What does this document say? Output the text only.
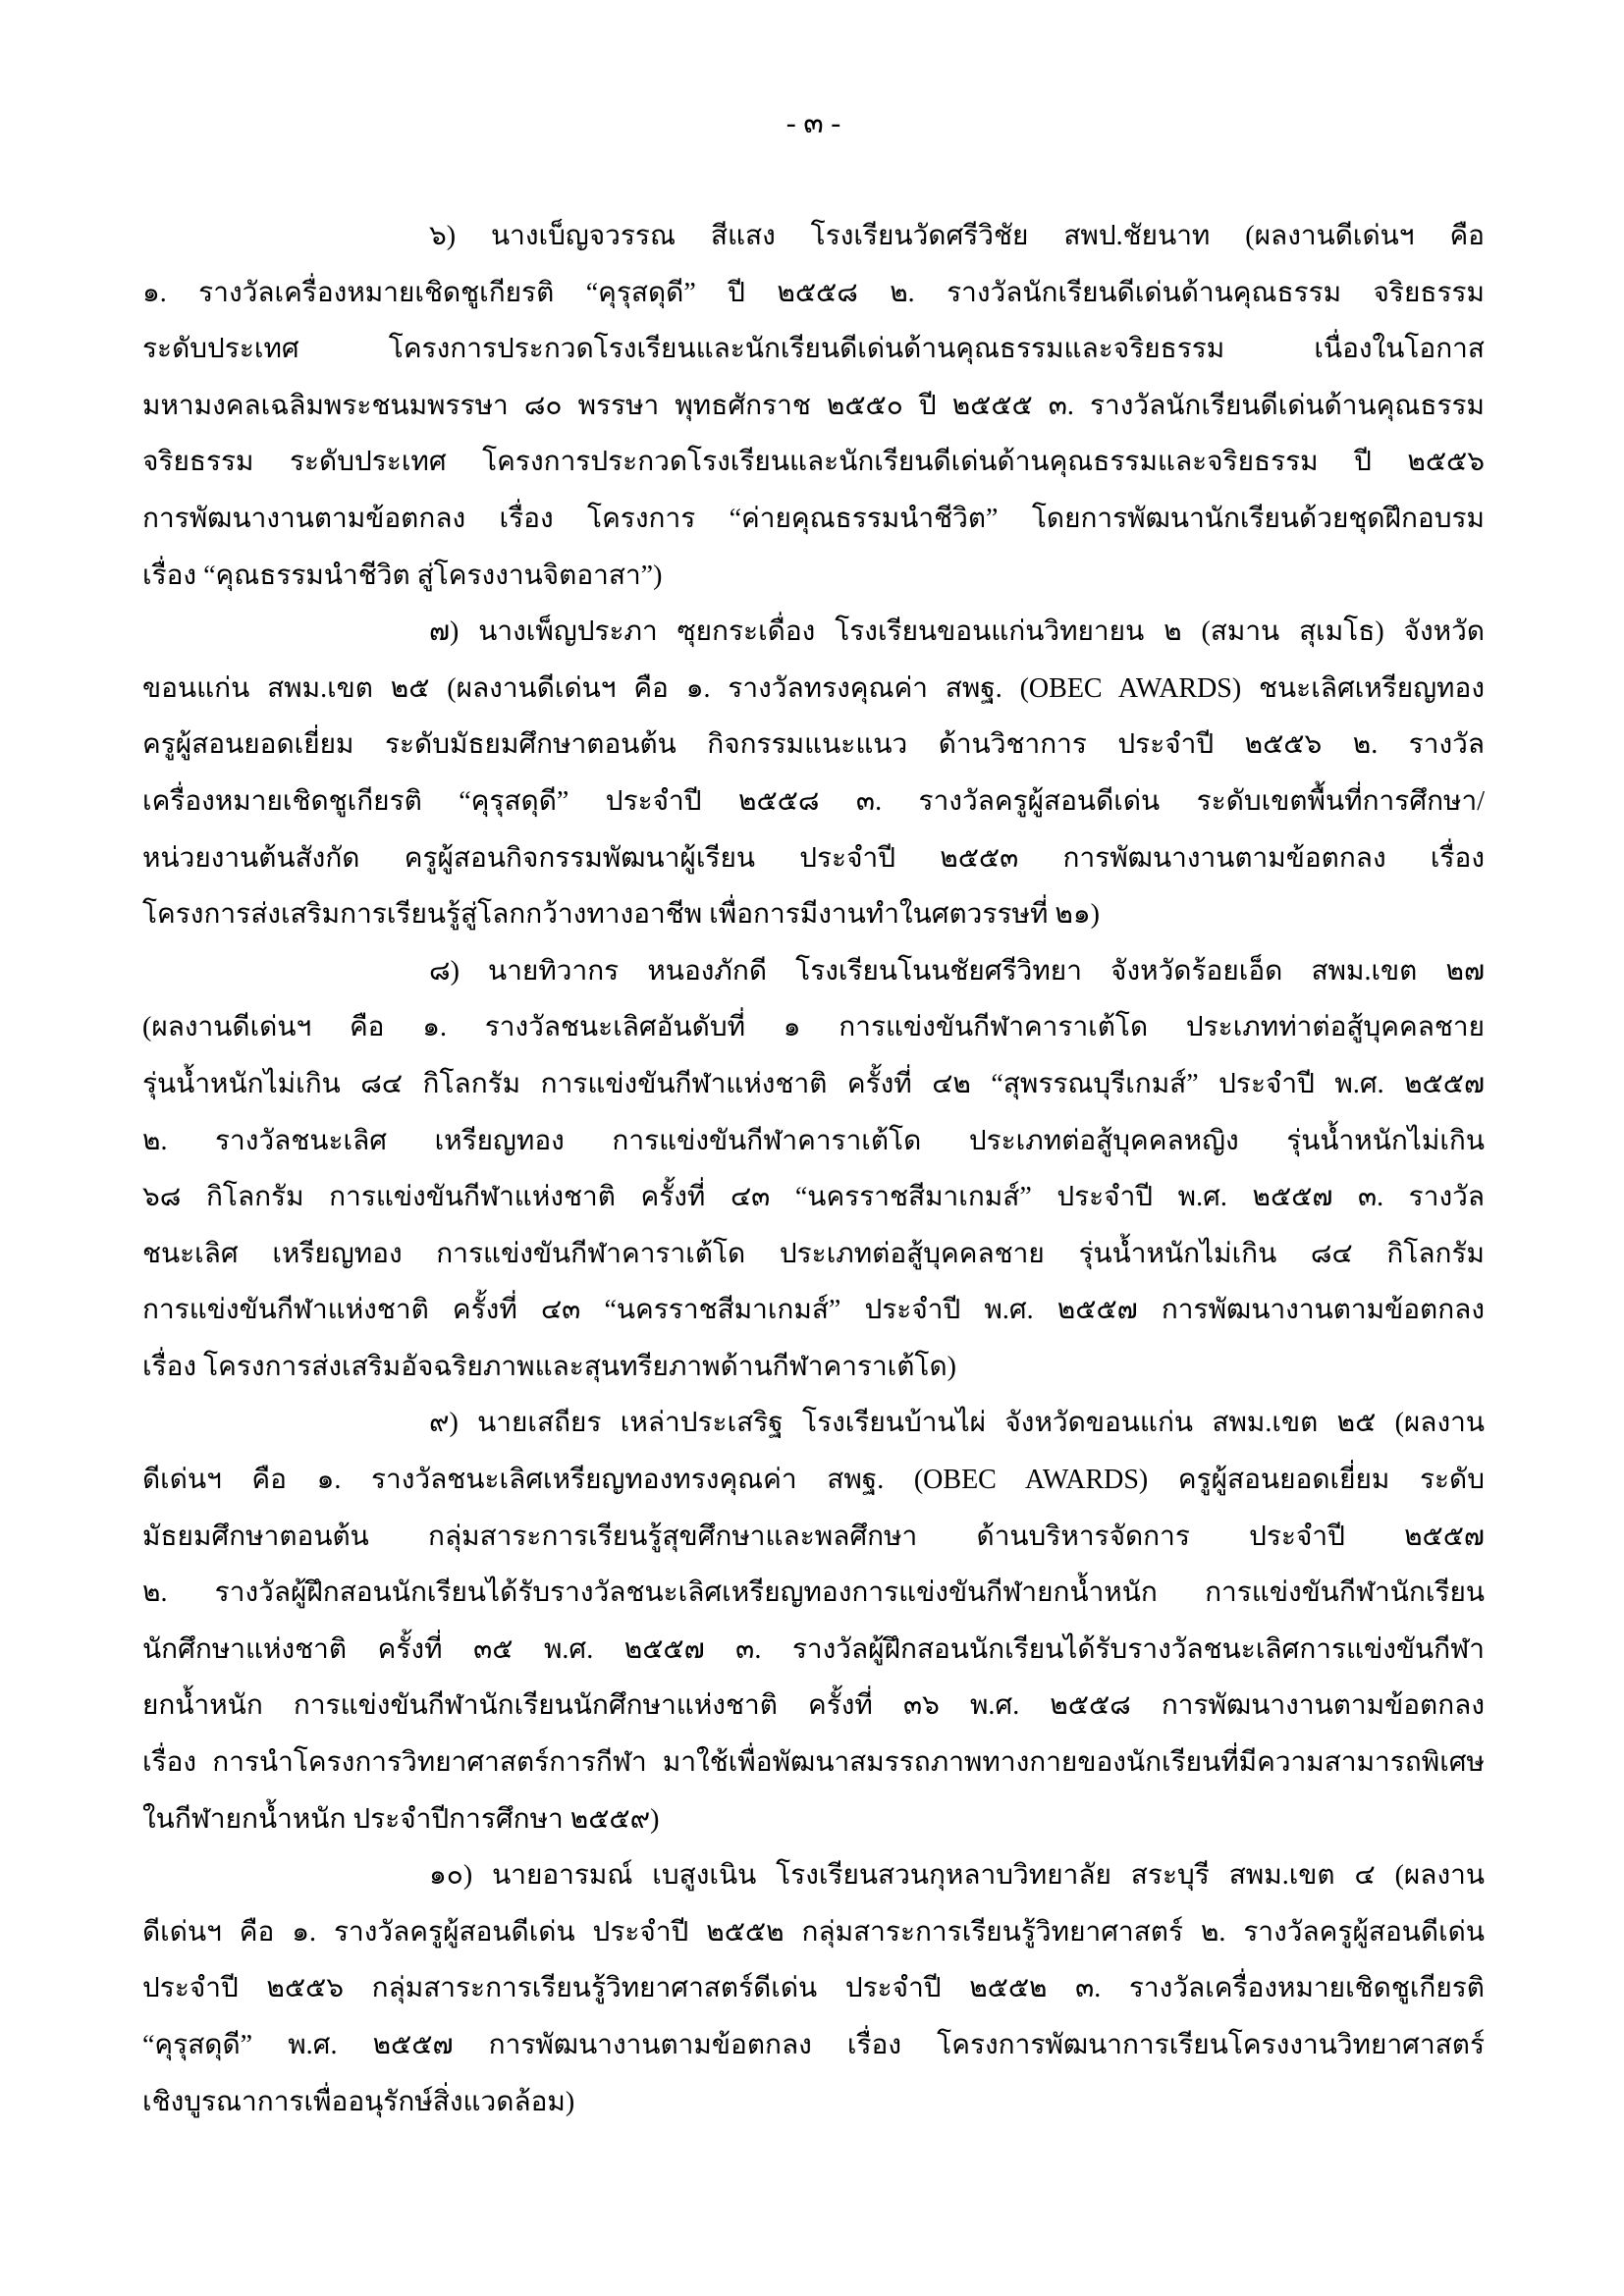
- ๓ -
๖) นางเบ็ญจวรรณ สีแสง โรงเรียนวัดศรีวิชัย สพป.ชัยนาท (ผลงานดีเด่นฯ คือ
๑. รางวัลเครื่องหมายเชิดชูเกียรติ “คุรุสดุดี” ปี ๒๕๕๘ ๒. รางวัลนักเรียนดีเด่นด้านคุณธรรม จริยธรรม
ระดับประเทศ โครงการประกวดโรงเรียนและนักเรียนดีเด่นด้านคุณธรรมและจริยธรรม เนื่องในโอกาส
มหามงคลเฉลิมพระชนมพรรษา ๘๐ พรรษา พุทธศักราช ๒๕๕๐ ปี ๒๕๕๕ ๓. รางวัลนักเรียนดีเด่นด้านคุณธรรม
จริยธรรม ระดับประเทศ โครงการประกวดโรงเรียนและนักเรียนดีเด่นด้านคุณธรรมและจริยธรรม ปี ๒๕๕๖
การพัฒนางานตามข้อตกลง เรื่อง โครงการ “ค่ายคุณธรรมนำชีวิต” โดยการพัฒนานักเรียนด้วยชุดฝึกอบรม
เรื่อง “คุณธรรมนำชีวิต สู่โครงงานจิตอาสา”)
๗) นางเพ็ญประภา ซุยกระเดื่อง โรงเรียนขอนแก่นวิทยายน ๒ (สมาน สุเมโธ) จังหวัด
ขอนแก่น สพม.เขต ๒๕ (ผลงานดีเด่นฯ คือ ๑. รางวัลทรงคุณค่า สพฐ. (OBEC AWARDS) ชนะเลิศเหรียญทอง
ครูผู้สอนยอดเยี่ยม ระดับมัธยมศึกษาตอนต้น กิจกรรมแนะแนว ด้านวิชาการ ประจำปี ๒๕๕๖ ๒. รางวัล
เครื่องหมายเชิดชูเกียรติ “คุรุสดุดี” ประจำปี ๒๕๕๘ ๓. รางวัลครูผู้สอนดีเด่น ระดับเขตพื้นที่การศึกษา/
หน่วยงานต้นสังกัด ครูผู้สอนกิจกรรมพัฒนาผู้เรียน ประจำปี ๒๕๕๓ การพัฒนางานตามข้อตกลง เรื่อง
โครงการส่งเสริมการเรียนรู้สู่โลกกว้างทางอาชีพ เพื่อการมีงานทำในศตวรรษที่ ๒๑)
๘) นายทิวากร หนองภักดี โรงเรียนโนนชัยศรีวิทยา จังหวัดร้อยเอ็ด สพม.เขต ๒๗
(ผลงานดีเด่นฯ คือ ๑. รางวัลชนะเลิศอันดับที่ ๑ การแข่งขันกีฬาคาราเต้โด ประเภทท่าต่อสู้บุคคลชาย
รุ่นน้ำหนักไม่เกิน ๘๔ กิโลกรัม การแข่งขันกีฬาแห่งชาติ ครั้งที่ ๔๒ “สุพรรณบุรีเกมส์” ประจำปี พ.ศ. ๒๕๕๗
๒. รางวัลชนะเลิศ เหรียญทอง การแข่งขันกีฬาคาราเต้โด ประเภทต่อสู้บุคคลหญิง รุ่นน้ำหนักไม่เกิน
๖๘ กิโลกรัม การแข่งขันกีฬาแห่งชาติ ครั้งที่ ๔๓ “นครราชสีมาเกมส์” ประจำปี พ.ศ. ๒๕๕๗ ๓. รางวัล
ชนะเลิศ เหรียญทอง การแข่งขันกีฬาคาราเต้โด ประเภทต่อสู้บุคคลชาย รุ่นน้ำหนักไม่เกิน ๘๔ กิโลกรัม
การแข่งขันกีฬาแห่งชาติ ครั้งที่ ๔๓ “นครราชสีมาเกมส์” ประจำปี พ.ศ. ๒๕๕๗ การพัฒนางานตามข้อตกลง
เรื่อง โครงการส่งเสริมอัจฉริยภาพและสุนทรียภาพด้านกีฬาคาราเต้โด)
๙) นายเสถียร เหล่าประเสริฐ โรงเรียนบ้านไผ่ จังหวัดขอนแก่น สพม.เขต ๒๕ (ผลงาน
ดีเด่นฯ คือ ๑. รางวัลชนะเลิศเหรียญทองทรงคุณค่า สพฐ. (OBEC AWARDS) ครูผู้สอนยอดเยี่ยม ระดับ
มัธยมศึกษาตอนต้น กลุ่มสาระการเรียนรู้สุขศึกษาและพลศึกษา ด้านบริหารจัดการ ประจำปี ๒๕๕๗
๒. รางวัลผู้ฝึกสอนนักเรียนได้รับรางวัลชนะเลิศเหรียญทองการแข่งขันกีฬายกน้ำหนัก การแข่งขันกีฬานักเรียน
นักศึกษาแห่งชาติ ครั้งที่ ๓๕ พ.ศ. ๒๕๕๗ ๓. รางวัลผู้ฝึกสอนนักเรียนได้รับรางวัลชนะเลิศการแข่งขันกีฬา
ยกน้ำหนัก การแข่งขันกีฬานักเรียนนักศึกษาแห่งชาติ ครั้งที่ ๓๖ พ.ศ. ๒๕๕๘ การพัฒนางานตามข้อตกลง
เรื่อง การนำโครงการวิทยาศาสตร์การกีฬา มาใช้เพื่อพัฒนาสมรรถภาพทางกายของนักเรียนที่มีความสามารถพิเศษ
ในกีฬายกน้ำหนัก ประจำปีการศึกษา ๒๕๕๙)
๑๐) นายอารมณ์ เบสูงเนิน โรงเรียนสวนกุหลาบวิทยาลัย สระบุรี สพม.เขต ๔ (ผลงาน
ดีเด่นฯ คือ ๑. รางวัลครูผู้สอนดีเด่น ประจำปี ๒๕๕๒ กลุ่มสาระการเรียนรู้วิทยาศาสตร์ ๒. รางวัลครูผู้สอนดีเด่น
ประจำปี ๒๕๕๖ กลุ่มสาระการเรียนรู้วิทยาศาสตร์ดีเด่น ประจำปี ๒๕๕๒ ๓. รางวัลเครื่องหมายเชิดชูเกียรติ
“คุรุสดุดี” พ.ศ. ๒๕๕๗ การพัฒนางานตามข้อตกลง เรื่อง โครงการพัฒนาการเรียนโครงงานวิทยาศาสตร์
เชิงบูรณาการเพื่ออนุรักษ์สิ่งแวดล้อม)
